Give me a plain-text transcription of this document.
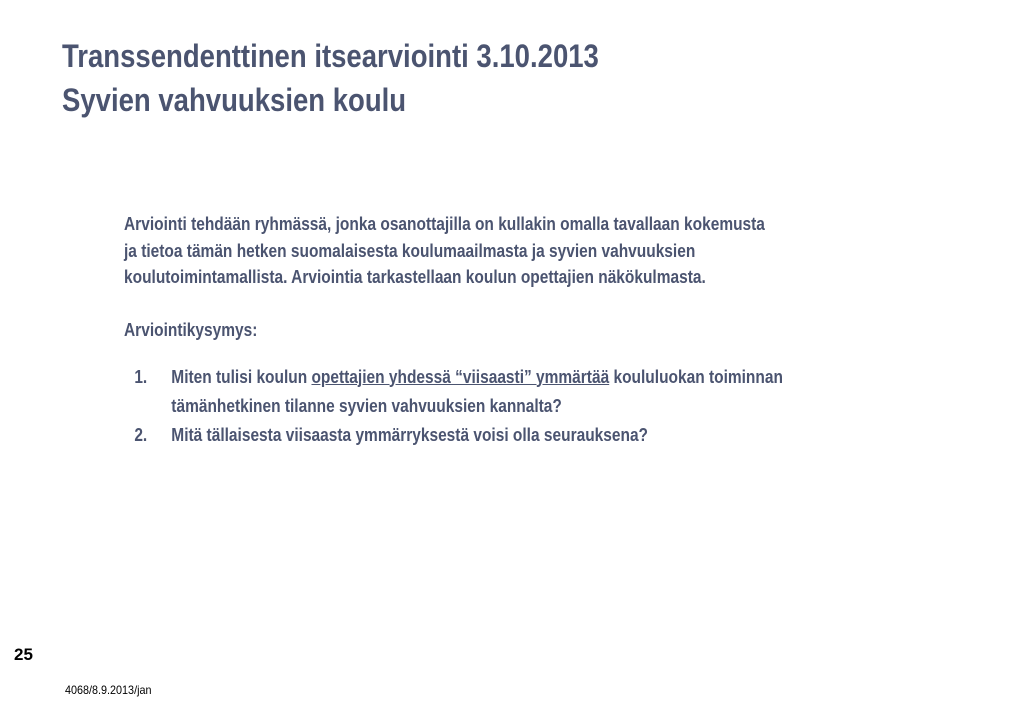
Transsendenttinen itsearviointi 3.10.2013
Syvien vahvuuksien koulu

Arviointi tehdään ryhmässä, jonka osanottajilla on kullakin omalla tavallaan kokemusta
ja tietoa tämän hetken suomalaisesta koulumaailmasta ja syvien vahvuuksien
koulutoimintamallista. Arviointia tarkastellaan koulun opettajien näkökulmasta.

Arviointikysymys:

1. Miten tulisi koulun opettajien yhdessä “viisaasti” ymmärtää koululuokan toiminnan
tämänhetkinen tilanne syvien vahvuuksien kannalta?
2. Mitä tällaisesta viisaasta ymmärryksestä voisi olla seurauksena?
25
4068/8.9.2013/jan
